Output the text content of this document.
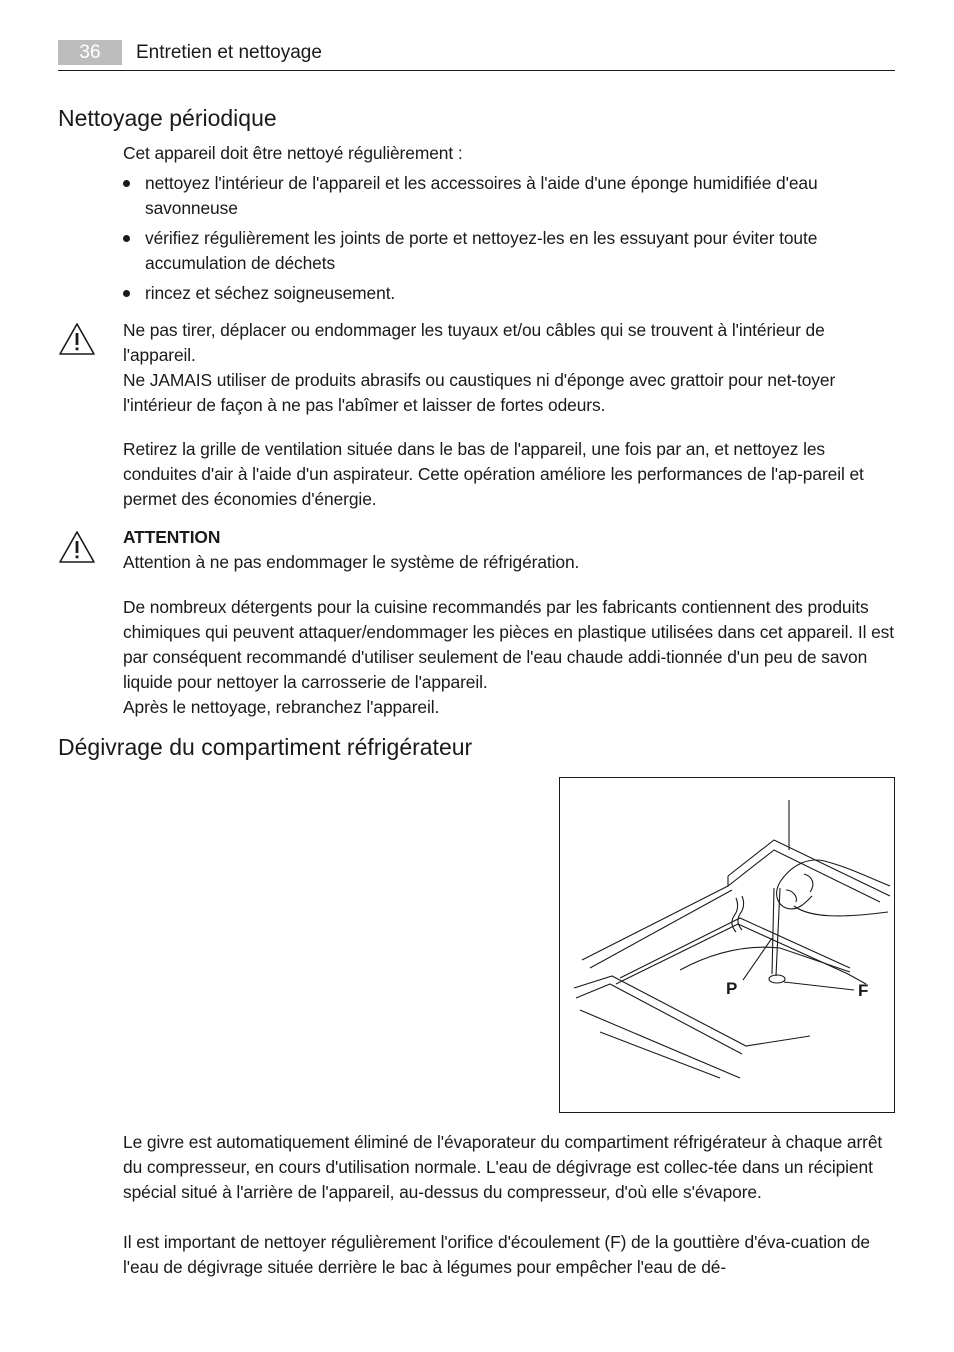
36	Entretien et nettoyage
Nettoyage périodique

Cet appareil doit être nettoyé régulièrement :

nettoyez l'intérieur de l'appareil et les accessoires à l'aide d'une éponge humidifiée d'eau savonneuse
vérifiez régulièrement les joints de porte et nettoyez-les en les essuyant pour éviter toute accumulation de déchets
rincez et séchez soigneusement.

Ne pas tirer, déplacer ou endommager les tuyaux et/ou câbles qui se trouvent à l'intérieur de l'appareil.

Ne JAMAIS utiliser de produits abrasifs ou caustiques ni d'éponge avec grattoir pour net-toyer l'intérieur de façon à ne pas l'abîmer et laisser de fortes odeurs.

Retirez la grille de ventilation située dans le bas de l'appareil, une fois par an, et nettoyez les conduites d'air à l'aide d'un aspirateur. Cette opération améliore les performances de l'ap-pareil et permet des économies d'énergie.

ATTENTION

Attention à ne pas endommager le système de réfrigération.

De nombreux détergents pour la cuisine recommandés par les fabricants contiennent des produits chimiques qui peuvent attaquer/endommager les pièces en plastique utilisées dans cet appareil. Il est par conséquent recommandé d'utiliser seulement de l'eau chaude addi-tionnée d'un peu de savon liquide pour nettoyer la carrosserie de l'appareil.

Après le nettoyage, rebranchez l'appareil.

Dégivrage du compartiment réfrigérateur
P	F

Le givre est automatiquement éliminé de l'évaporateur du compartiment réfrigérateur à chaque arrêt du compresseur, en cours d'utilisation normale. L'eau de dégivrage est collec-tée dans un récipient spécial situé à l'arrière de l'appareil, au-dessus du compresseur, d'où elle s'évapore.

Il est important de nettoyer régulièrement l'orifice d'écoulement (F) de la gouttière d'éva-cuation de l'eau de dégivrage située derrière le bac à légumes pour empêcher l'eau de dé-
